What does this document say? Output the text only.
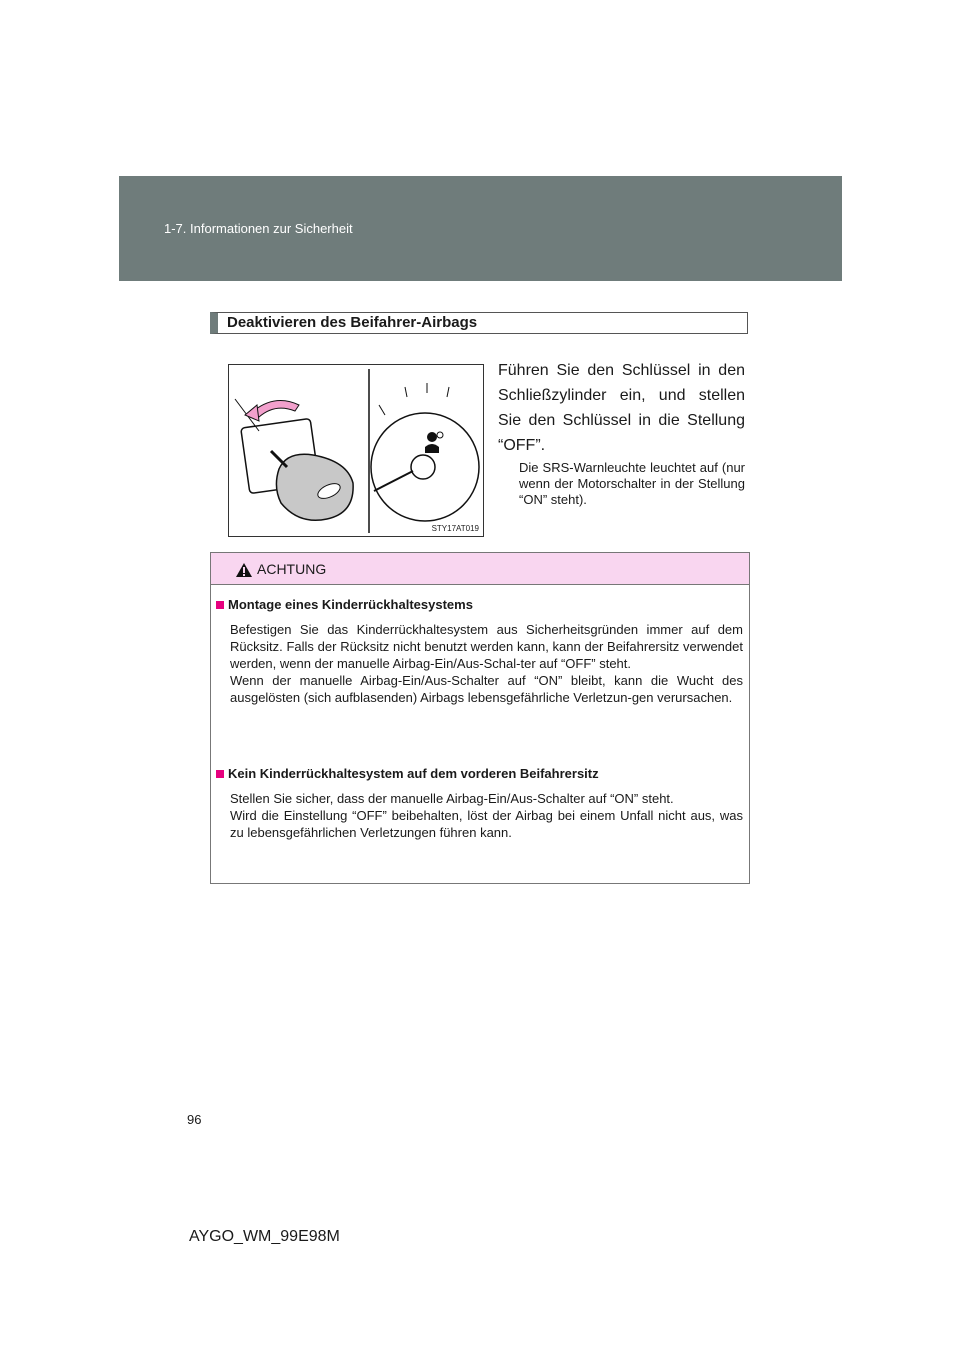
1-7. Informationen zur Sicherheit
Deaktivieren des Beifahrer-Airbags
STY17AT019
Führen Sie den Schlüssel in den Schließzylinder ein, und stellen Sie den Schlüssel in die Stellung “OFF”.
Die SRS-Warnleuchte leuchtet auf (nur wenn der Motorschalter in der Stellung “ON” steht).
ACHTUNG
Montage eines Kinderrückhaltesystems
Befestigen Sie das Kinderrückhaltesystem aus Sicherheitsgründen immer auf dem Rücksitz. Falls der Rücksitz nicht benutzt werden kann, kann der Beifahrersitz verwendet werden, wenn der manuelle Airbag-Ein/Aus-Schal-ter auf “OFF” steht.
Wenn der manuelle Airbag-Ein/Aus-Schalter auf “ON” bleibt, kann die Wucht des ausgelösten (sich aufblasenden) Airbags lebensgefährliche Verletzun-gen verursachen.
Kein Kinderrückhaltesystem auf dem vorderen Beifahrersitz
Stellen Sie sicher, dass der manuelle Airbag-Ein/Aus-Schalter auf “ON” steht.
Wird die Einstellung “OFF” beibehalten, löst der Airbag bei einem Unfall nicht aus, was zu lebensgefährlichen Verletzungen führen kann.
96
AYGO_WM_99E98M
